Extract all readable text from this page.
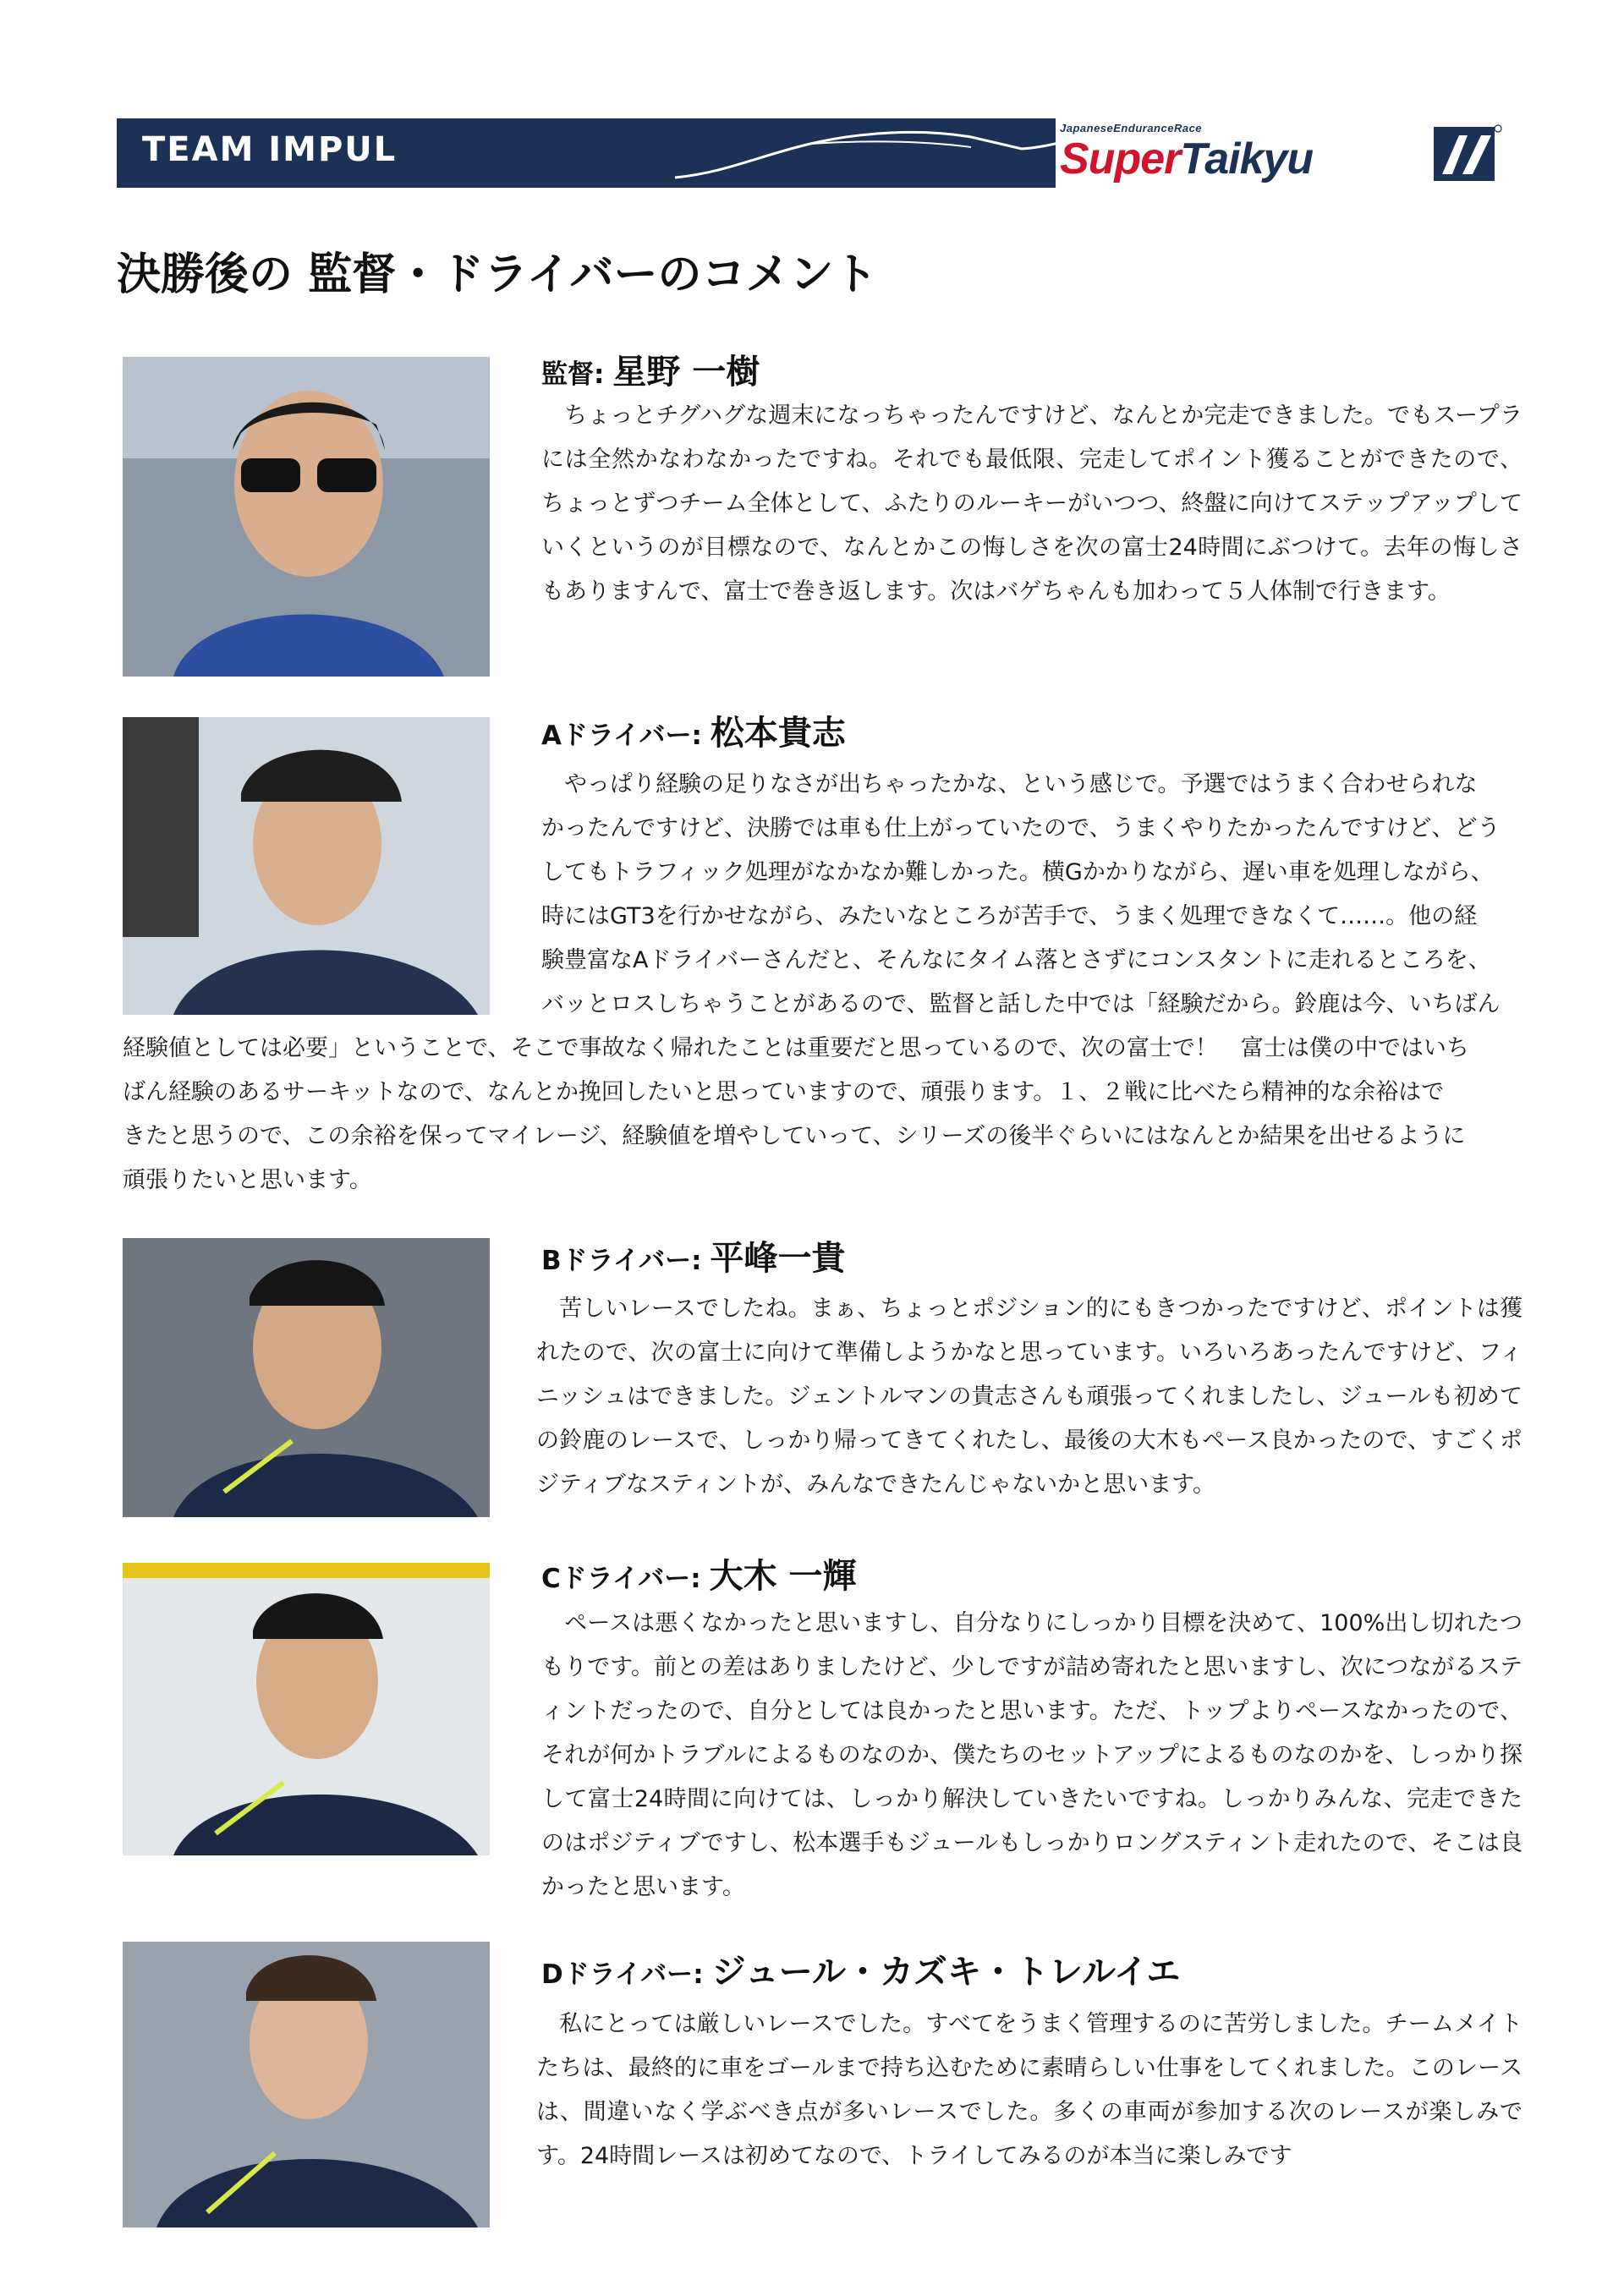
TEAM IMPUL
JapaneseEnduranceRace
SuperTaikyu
決勝後の 監督・ドライバーのコメント
監督: 星野 一樹

　ちょっとチグハグな週末になっちゃったんですけど、なんとか完走できました。でもスープラには全然かなわなかったですね。それでも最低限、完走してポイント獲ることができたので、ちょっとずつチーム全体として、ふたりのルーキーがいつつ、終盤に向けてステップアップしていくというのが目標なので、なんとかこの悔しさを次の富士24時間にぶつけて。去年の悔しさもありますんで、富士で巻き返します。次はバゲちゃんも加わって５人体制で行きます。

Aドライバー: 松本貴志

　やっぱり経験の足りなさが出ちゃったかな、という感じで。予選ではうまく合わせられな

かったんですけど、決勝では車も仕上がっていたので、うまくやりたかったんですけど、どう

してもトラフィック処理がなかなか難しかった。横Gかかりながら、遅い車を処理しながら、

時にはGT3を行かせながら、みたいなところが苦手で、うまく処理できなくて……。他の経

験豊富なAドライバーさんだと、そんなにタイム落とさずにコンスタントに走れるところを、

バッとロスしちゃうことがあるので、監督と話した中では「経験だから。鈴鹿は今、いちばん

経験値としては必要」ということで、そこで事故なく帰れたことは重要だと思っているので、次の富士で！　富士は僕の中ではいち

ばん経験のあるサーキットなので、なんとか挽回したいと思っていますので、頑張ります。１、２戦に比べたら精神的な余裕はで

きたと思うので、この余裕を保ってマイレージ、経験値を増やしていって、シリーズの後半ぐらいにはなんとか結果を出せるように

頑張りたいと思います。

Bドライバー: 平峰一貴

　苦しいレースでしたね。まぁ、ちょっとポジション的にもきつかったですけど、ポイントは獲れたので、次の富士に向けて準備しようかなと思っています。いろいろあったんですけど、フィニッシュはできました。ジェントルマンの貴志さんも頑張ってくれましたし、ジュールも初めての鈴鹿のレースで、しっかり帰ってきてくれたし、最後の大木もペース良かったので、すごくポジティブなスティントが、みんなできたんじゃないかと思います。

Cドライバー: 大木 一輝

　ペースは悪くなかったと思いますし、自分なりにしっかり目標を決めて、100%出し切れたつもりです。前との差はありましたけど、少しですが詰め寄れたと思いますし、次につながるスティントだったので、自分としては良かったと思います。ただ、トップよりペースなかったので、それが何かトラブルによるものなのか、僕たちのセットアップによるものなのかを、しっかり探して富士24時間に向けては、しっかり解決していきたいですね。しっかりみんな、完走できたのはポジティブですし、松本選手もジュールもしっかりロングスティント走れたので、そこは良かったと思います。

Dドライバー: ジュール・カズキ・トレルイエ

　私にとっては厳しいレースでした。すべてをうまく管理するのに苦労しました。チームメイトたちは、最終的に車をゴールまで持ち込むために素晴らしい仕事をしてくれました。このレースは、間違いなく学ぶべき点が多いレースでした。多くの車両が参加する次のレースが楽しみです。24時間レースは初めてなので、トライしてみるのが本当に楽しみです
